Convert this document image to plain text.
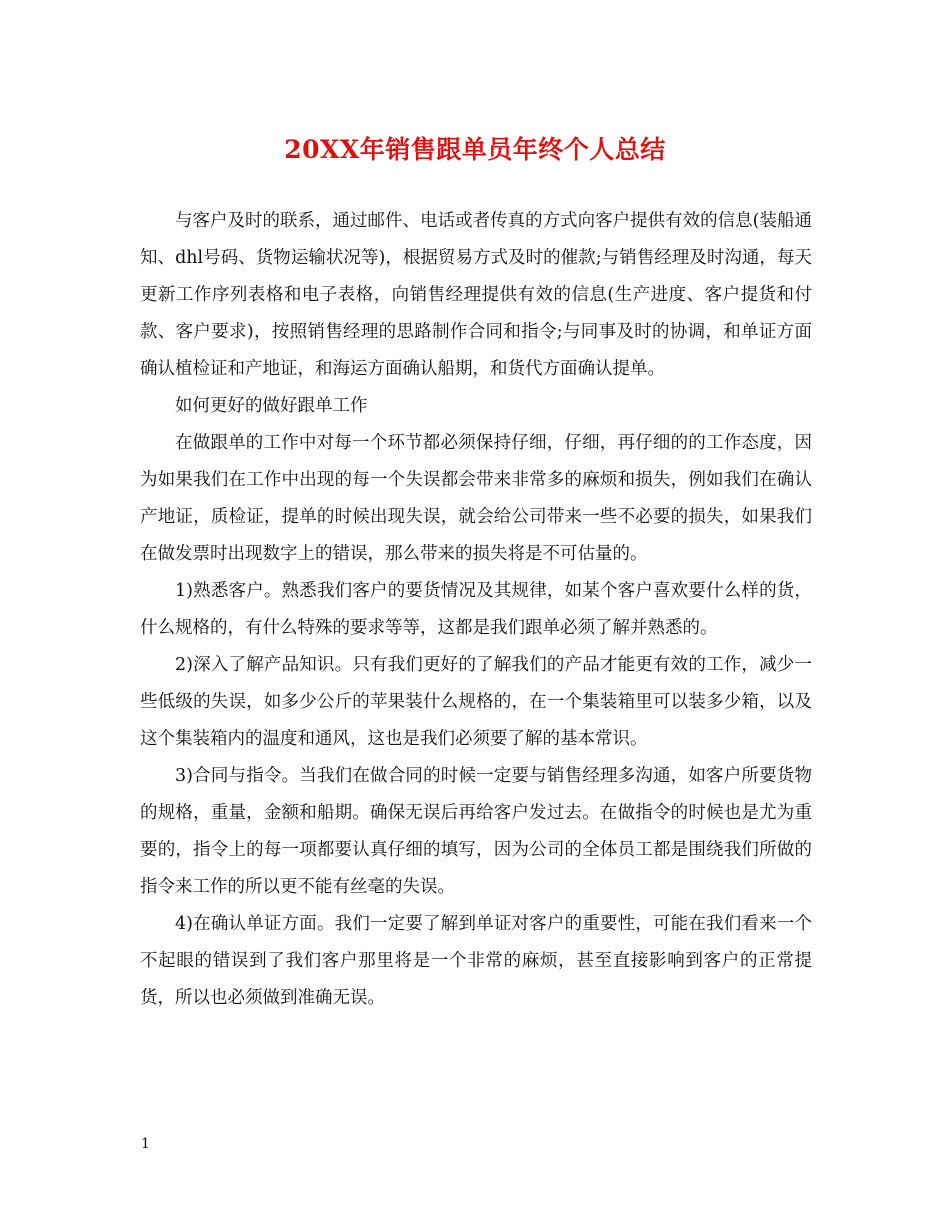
20XX年销售跟单员年终个人总结

与客户及时的联系，通过邮件、电话或者传真的方式向客户提供有效的信息(装船通知、dhl号码、货物运输状况等)，根据贸易方式及时的催款;与销售经理及时沟通，每天更新工作序列表格和电子表格，向销售经理提供有效的信息(生产进度、客户提货和付款、客户要求)，按照销售经理的思路制作合同和指令;与同事及时的协调，和单证方面确认植检证和产地证，和海运方面确认船期，和货代方面确认提单。

如何更好的做好跟单工作

在做跟单的工作中对每一个环节都必须保持仔细，仔细，再仔细的的工作态度，因为如果我们在工作中出现的每一个失误都会带来非常多的麻烦和损失，例如我们在确认产地证，质检证，提单的时候出现失误，就会给公司带来一些不必要的损失，如果我们在做发票时出现数字上的错误，那么带来的损失将是不可估量的。

1)熟悉客户。熟悉我们客户的要货情况及其规律，如某个客户喜欢要什么样的货，什么规格的，有什么特殊的要求等等，这都是我们跟单必须了解并熟悉的。

2)深入了解产品知识。只有我们更好的了解我们的产品才能更有效的工作，减少一些低级的失误，如多少公斤的苹果装什么规格的，在一个集装箱里可以装多少箱，以及这个集装箱内的温度和通风，这也是我们必须要了解的基本常识。

3)合同与指令。当我们在做合同的时候一定要与销售经理多沟通，如客户所要货物的规格，重量，金额和船期。确保无误后再给客户发过去。在做指令的时候也是尤为重要的，指令上的每一项都要认真仔细的填写，因为公司的全体员工都是围绕我们所做的指令来工作的所以更不能有丝毫的失误。

4)在确认单证方面。我们一定要了解到单证对客户的重要性，可能在我们看来一个不起眼的错误到了我们客户那里将是一个非常的麻烦，甚至直接影响到客户的正常提货，所以也必须做到准确无误。

1
